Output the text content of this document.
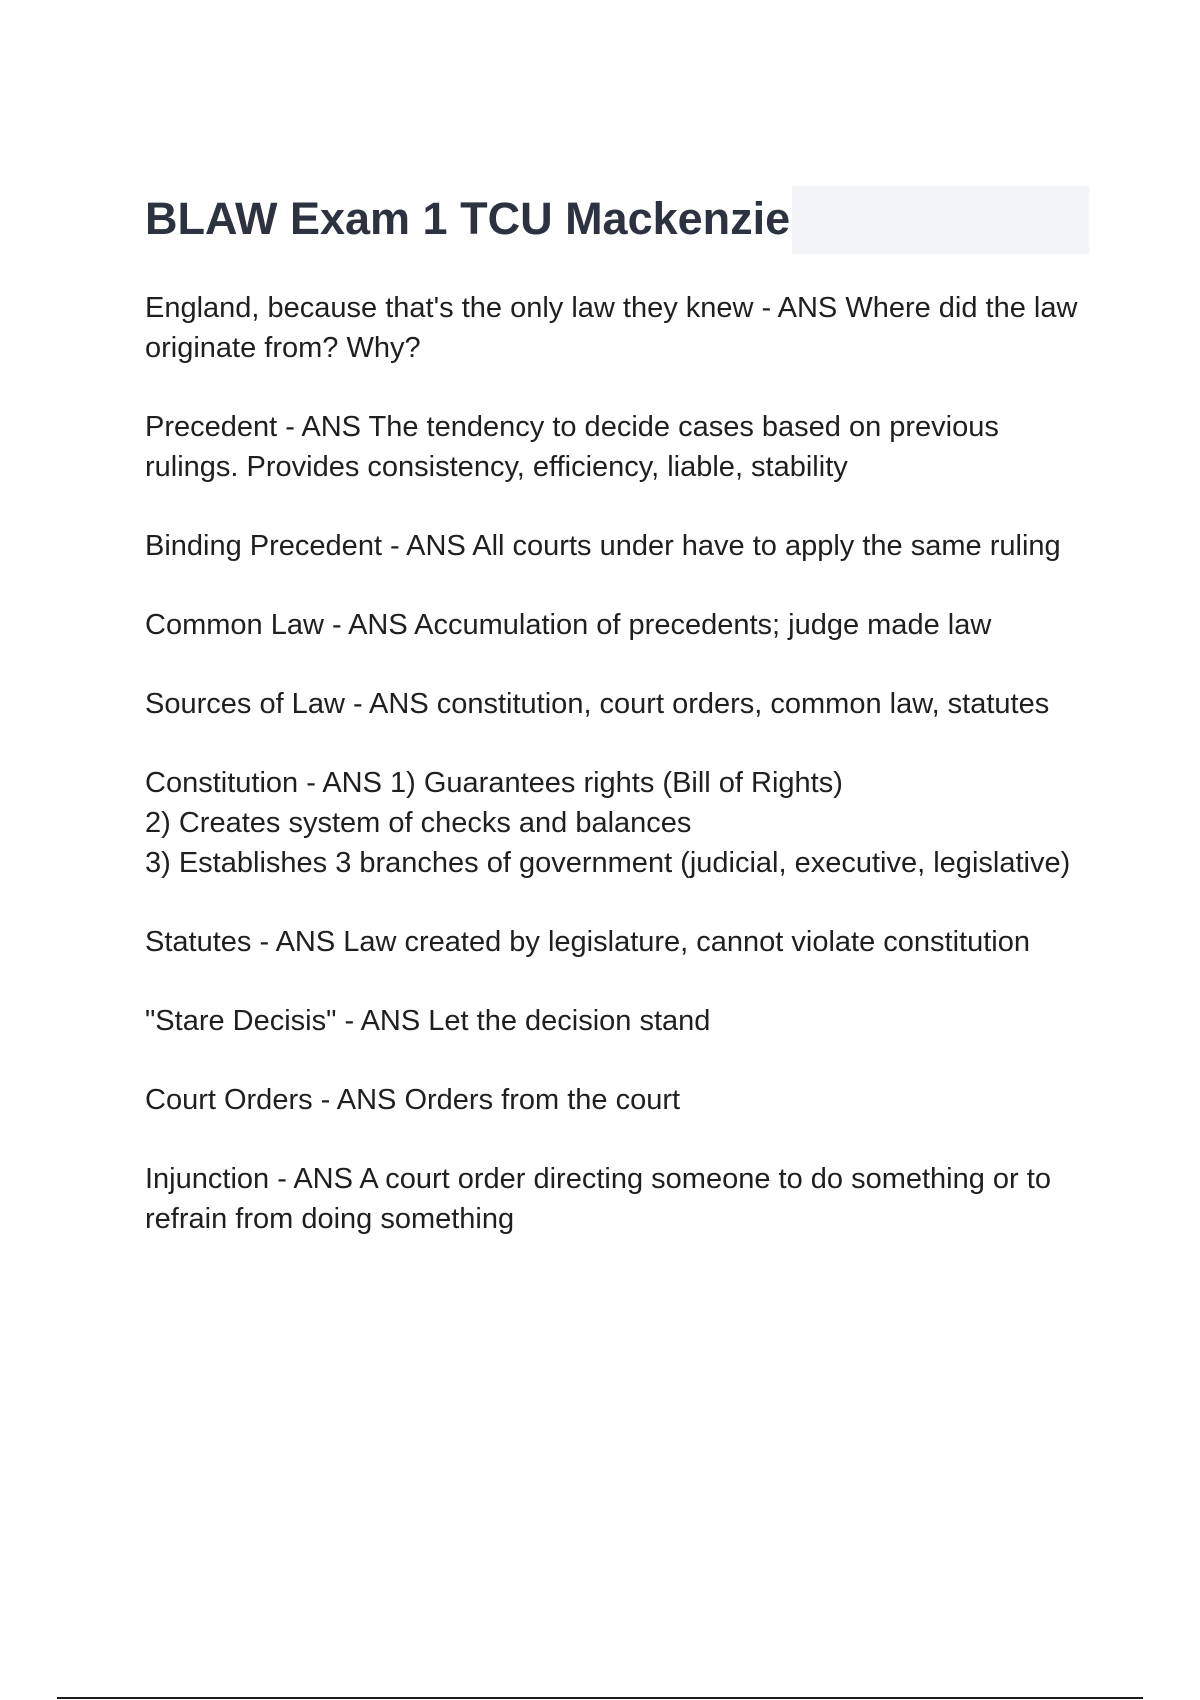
BLAW Exam 1 TCU Mackenzie

England, because that's the only law they knew - ANS Where did the law originate from? Why?

Precedent - ANS The tendency to decide cases based on previous rulings. Provides consistency, efficiency, liable, stability

Binding Precedent - ANS All courts under have to apply the same ruling

Common Law - ANS Accumulation of precedents; judge made law

Sources of Law - ANS constitution, court orders, common law, statutes

Constitution - ANS 1) Guarantees rights (Bill of Rights)
2) Creates system of checks and balances
3) Establishes 3 branches of government (judicial, executive, legislative)

Statutes - ANS Law created by legislature, cannot violate constitution

"Stare Decisis" - ANS Let the decision stand

Court Orders - ANS Orders from the court

Injunction - ANS A court order directing someone to do something or to refrain from doing something
